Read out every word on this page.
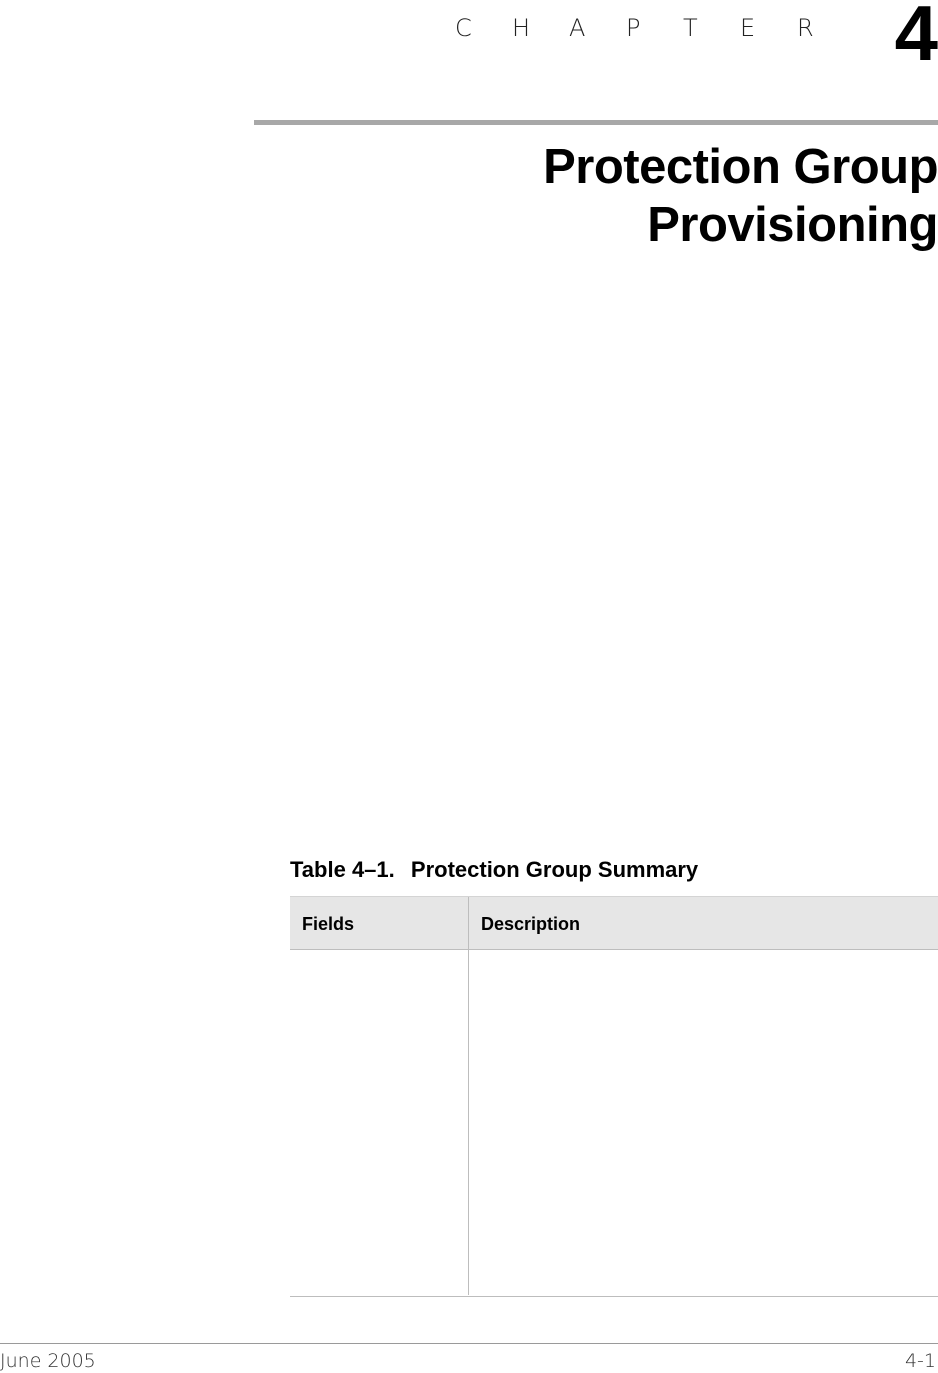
C	H	A	P	T	E	R	4
Protection Group
Provisioning
Table 4–1. Protection Group Summary
Fields	Description
June 2005	4-1
